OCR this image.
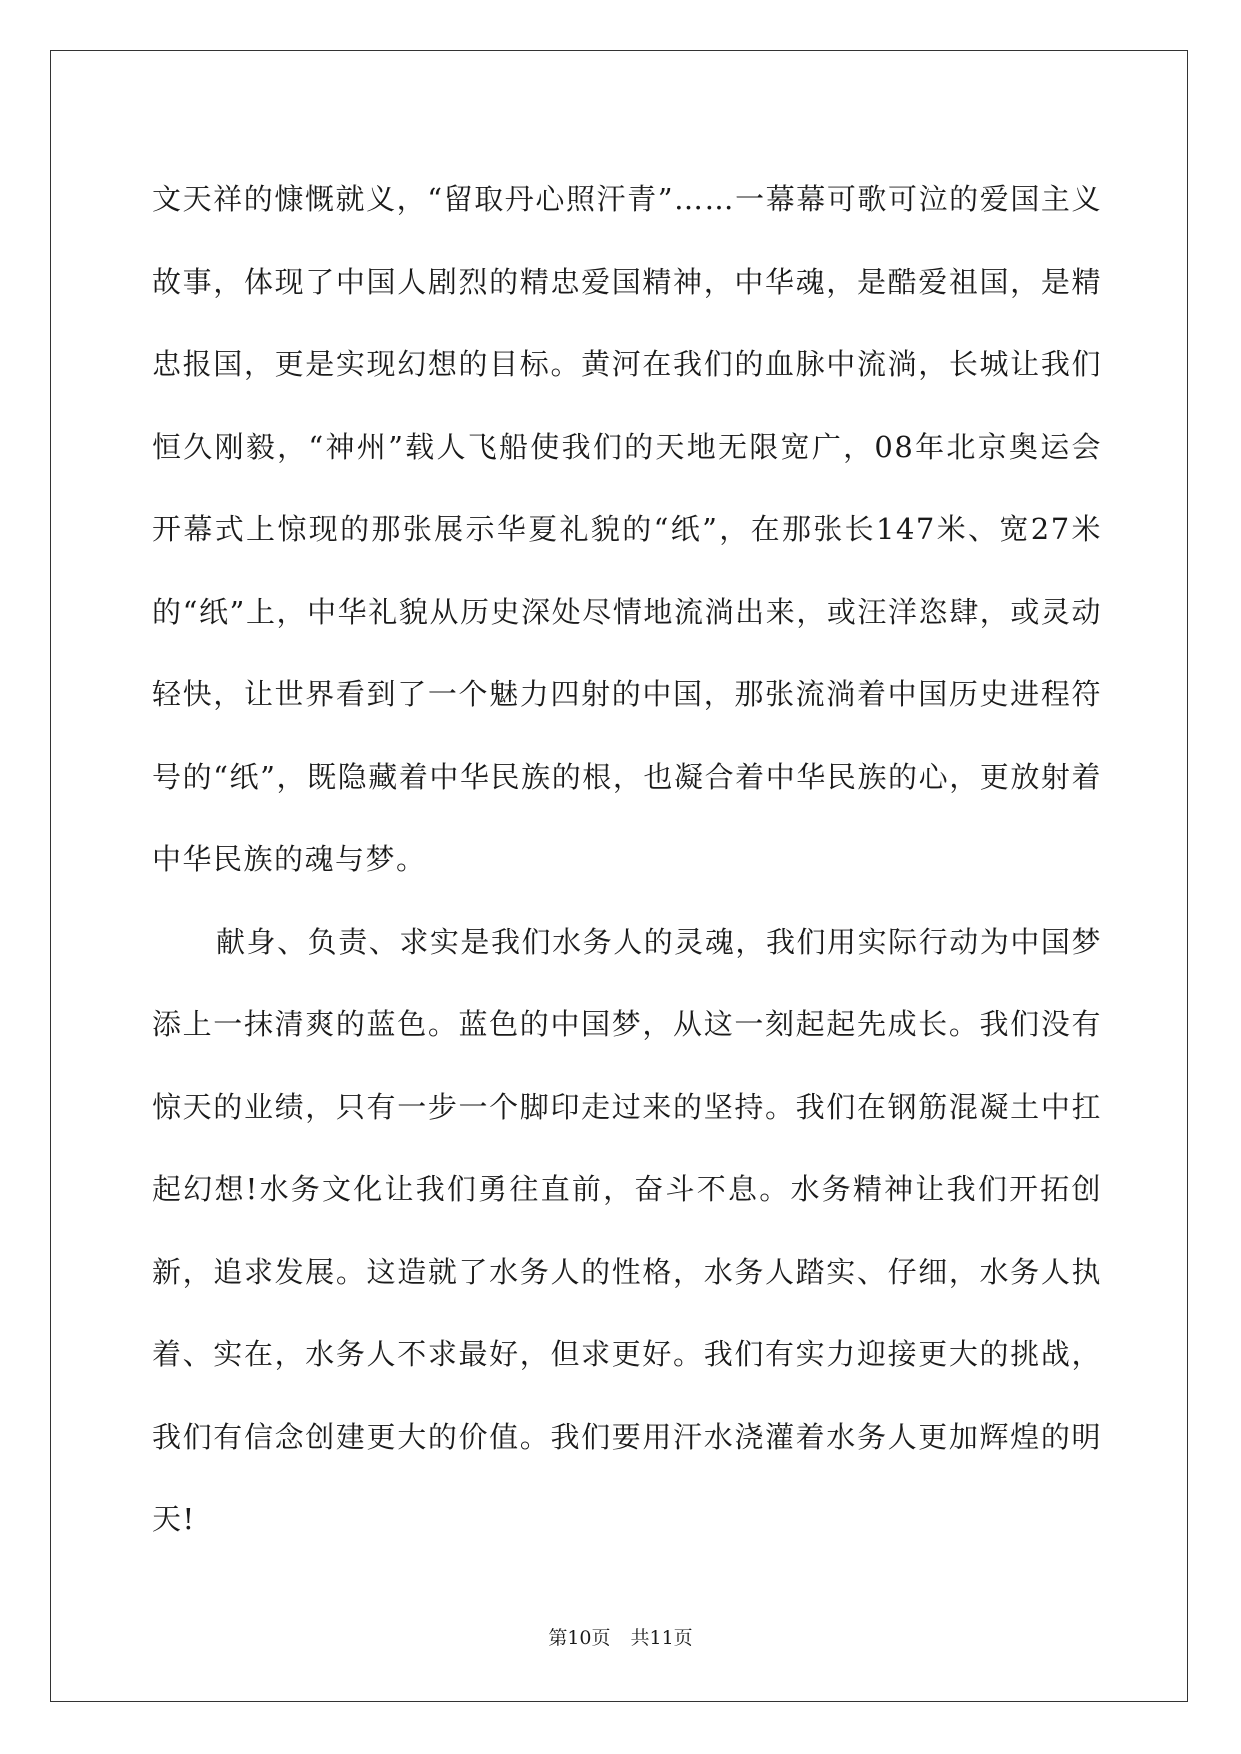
文天祥的慷慨就义，“留取丹心照汗青”……一幕幕可歌可泣的爱国主义故事，体现了中国人剧烈的精忠爱国精神，中华魂，是酷爱祖国，是精忠报国，更是实现幻想的目标。黄河在我们的血脉中流淌，长城让我们恒久刚毅，“神州”载人飞船使我们的天地无限宽广，08年北京奥运会开幕式上惊现的那张展示华夏礼貌的“纸”，在那张长147米、宽27米的“纸”上，中华礼貌从历史深处尽情地流淌出来，或汪洋恣肆，或灵动轻快，让世界看到了一个魅力四射的中国，那张流淌着中国历史进程符号的“纸”，既隐藏着中华民族的根，也凝合着中华民族的心，更放射着中华民族的魂与梦。

献身、负责、求实是我们水务人的灵魂，我们用实际行动为中国梦添上一抹清爽的蓝色。蓝色的中国梦，从这一刻起起先成长。我们没有惊天的业绩，只有一步一个脚印走过来的坚持。我们在钢筋混凝土中扛起幻想!水务文化让我们勇往直前，奋斗不息。水务精神让我们开拓创新，追求发展。这造就了水务人的性格，水务人踏实、仔细，水务人执着、实在，水务人不求最好，但求更好。我们有实力迎接更大的挑战，我们有信念创建更大的价值。我们要用汗水浇灌着水务人更加辉煌的明天!

第10页 共11页
